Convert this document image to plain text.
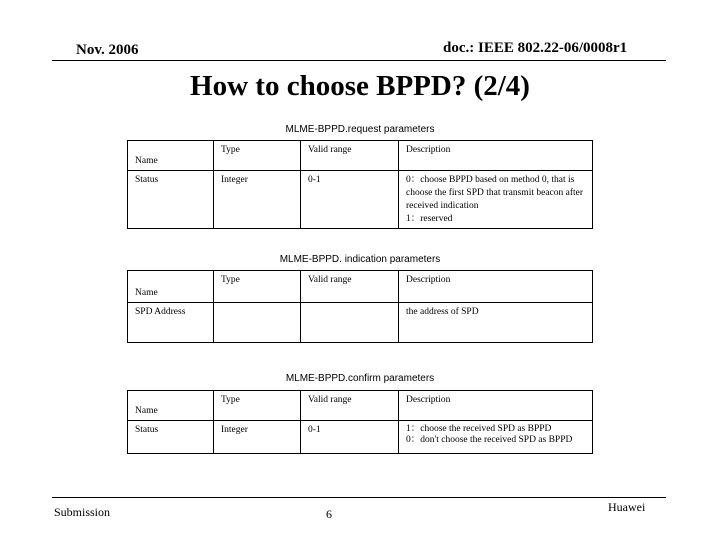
Nov. 2006	doc.: IEEE 802.22-06/0008r1
How to choose BPPD? (2/4)
MLME-BPPD.request parameters
Name	Type	Valid range	Description
Status	Integer	0-1	0：choose BPPD based on method 0, that is choose the first SPD that transmit beacon after received indication
1：reserved
MLME-BPPD. indication parameters
Name	Type	Valid range	Description
SPD Address			the address of SPD
MLME-BPPD.confirm parameters
Name	Type	Valid range	Description
Status	Integer	0-1	1：choose the received SPD as BPPD
0：don't choose the received SPD as BPPD
Submission	6	Huawei
